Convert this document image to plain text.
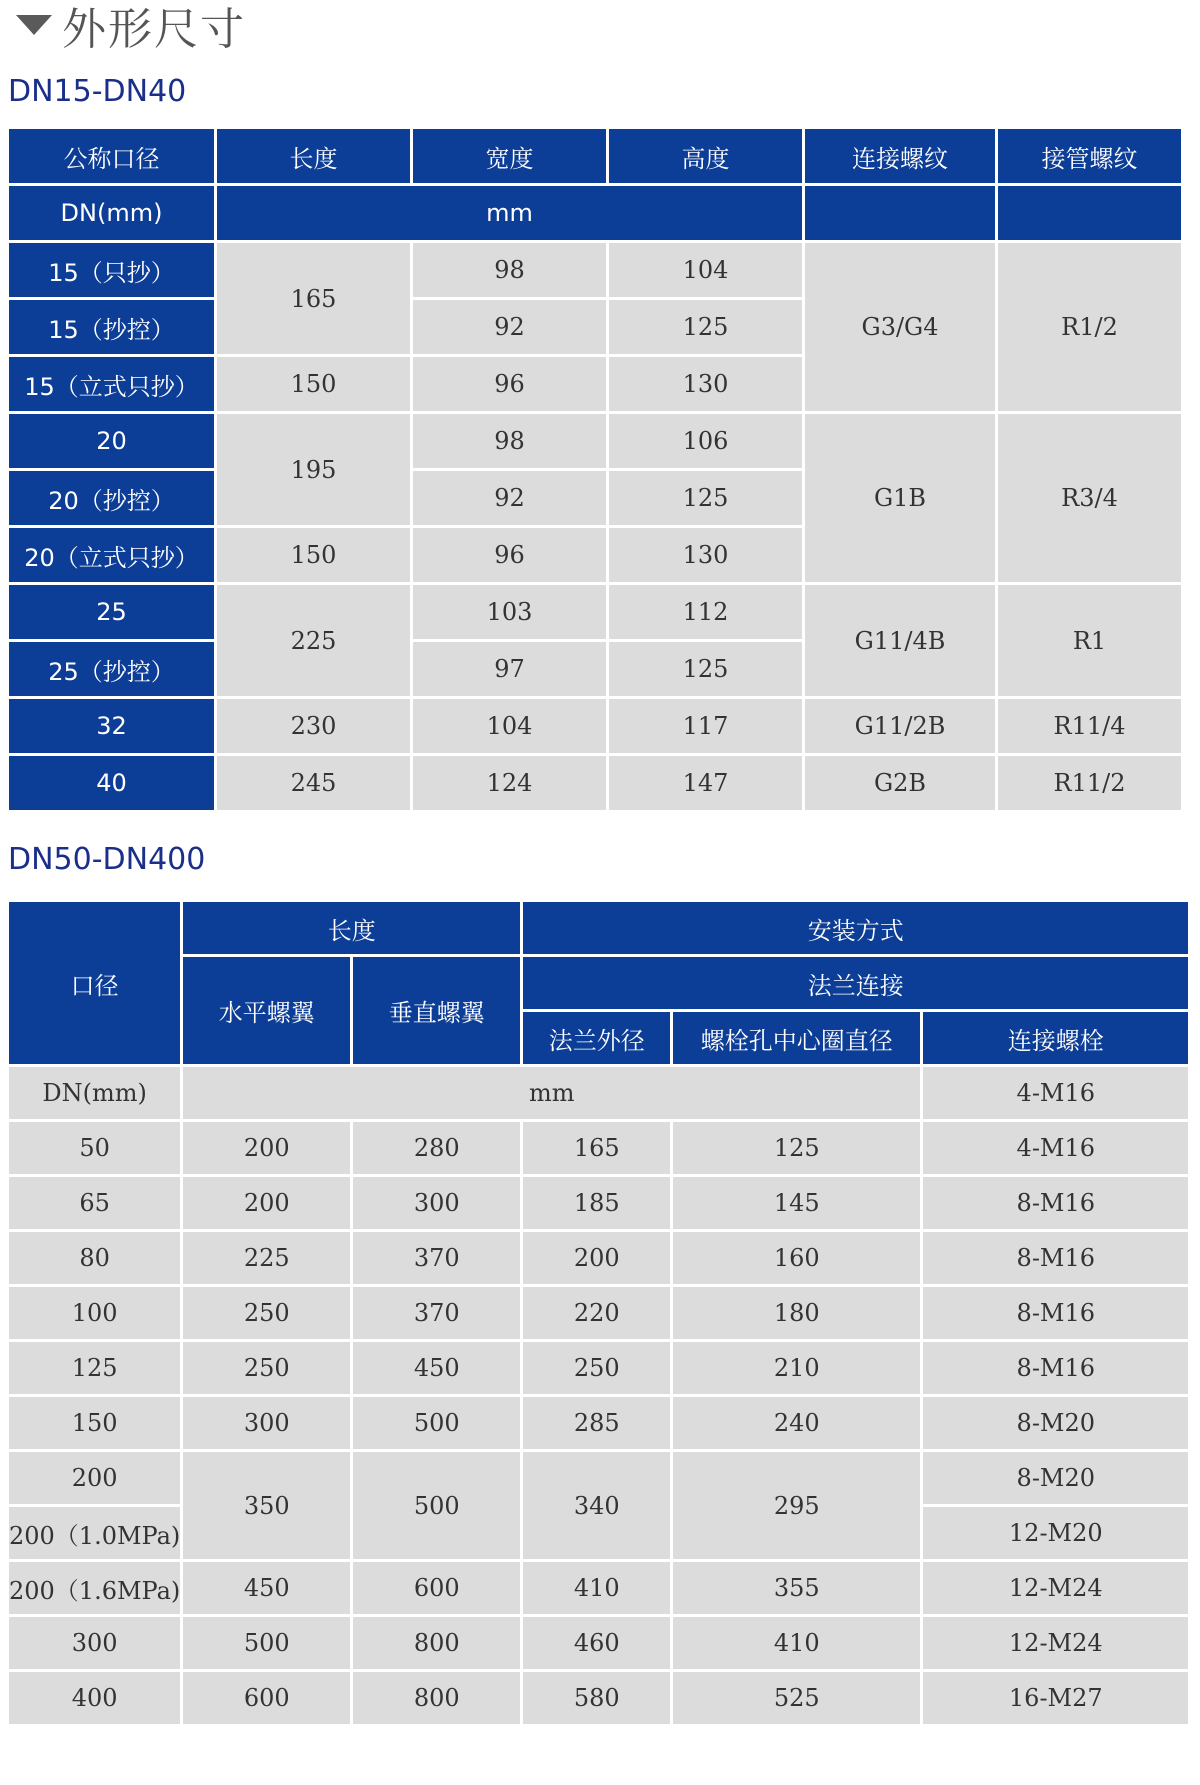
外形尺寸
DN15-DN40
公称口径	长度	宽度	高度	连接螺纹	接管螺纹
DN(mm)	mm				
15（只抄）	165	98	104	G3/G4	R1/2
15（抄控）		92	125		
15（立式只抄）	150	96	130		
20	195	98	106	G1B	R3/4
20（抄控）		92	125		
20（立式只抄）	150	96	130		
25	225	103	112	G11/4B	R1
25（抄控）		97	125		
32	230	104	117	G11/2B	R11/4
40	245	124	147	G2B	R11/2
DN50-DN400
口径	长度		安装方式		
	水平螺翼	垂直螺翼	法兰连接		
			法兰外径	螺栓孔中心圈直径	连接螺栓
DN(mm)	mm				4-M16
50	200	280	165	125	4-M16
65	200	300	185	145	8-M16
80	225	370	200	160	8-M16
100	250	370	220	180	8-M16
125	250	450	250	210	8-M16
150	300	500	285	240	8-M20
200	350	500	340	295	8-M20
200（1.0MPa)					12-M20
200（1.6MPa)	450	600	410	355	12-M24
300	500	800	460	410	12-M24
400	600	800	580	525	16-M27
